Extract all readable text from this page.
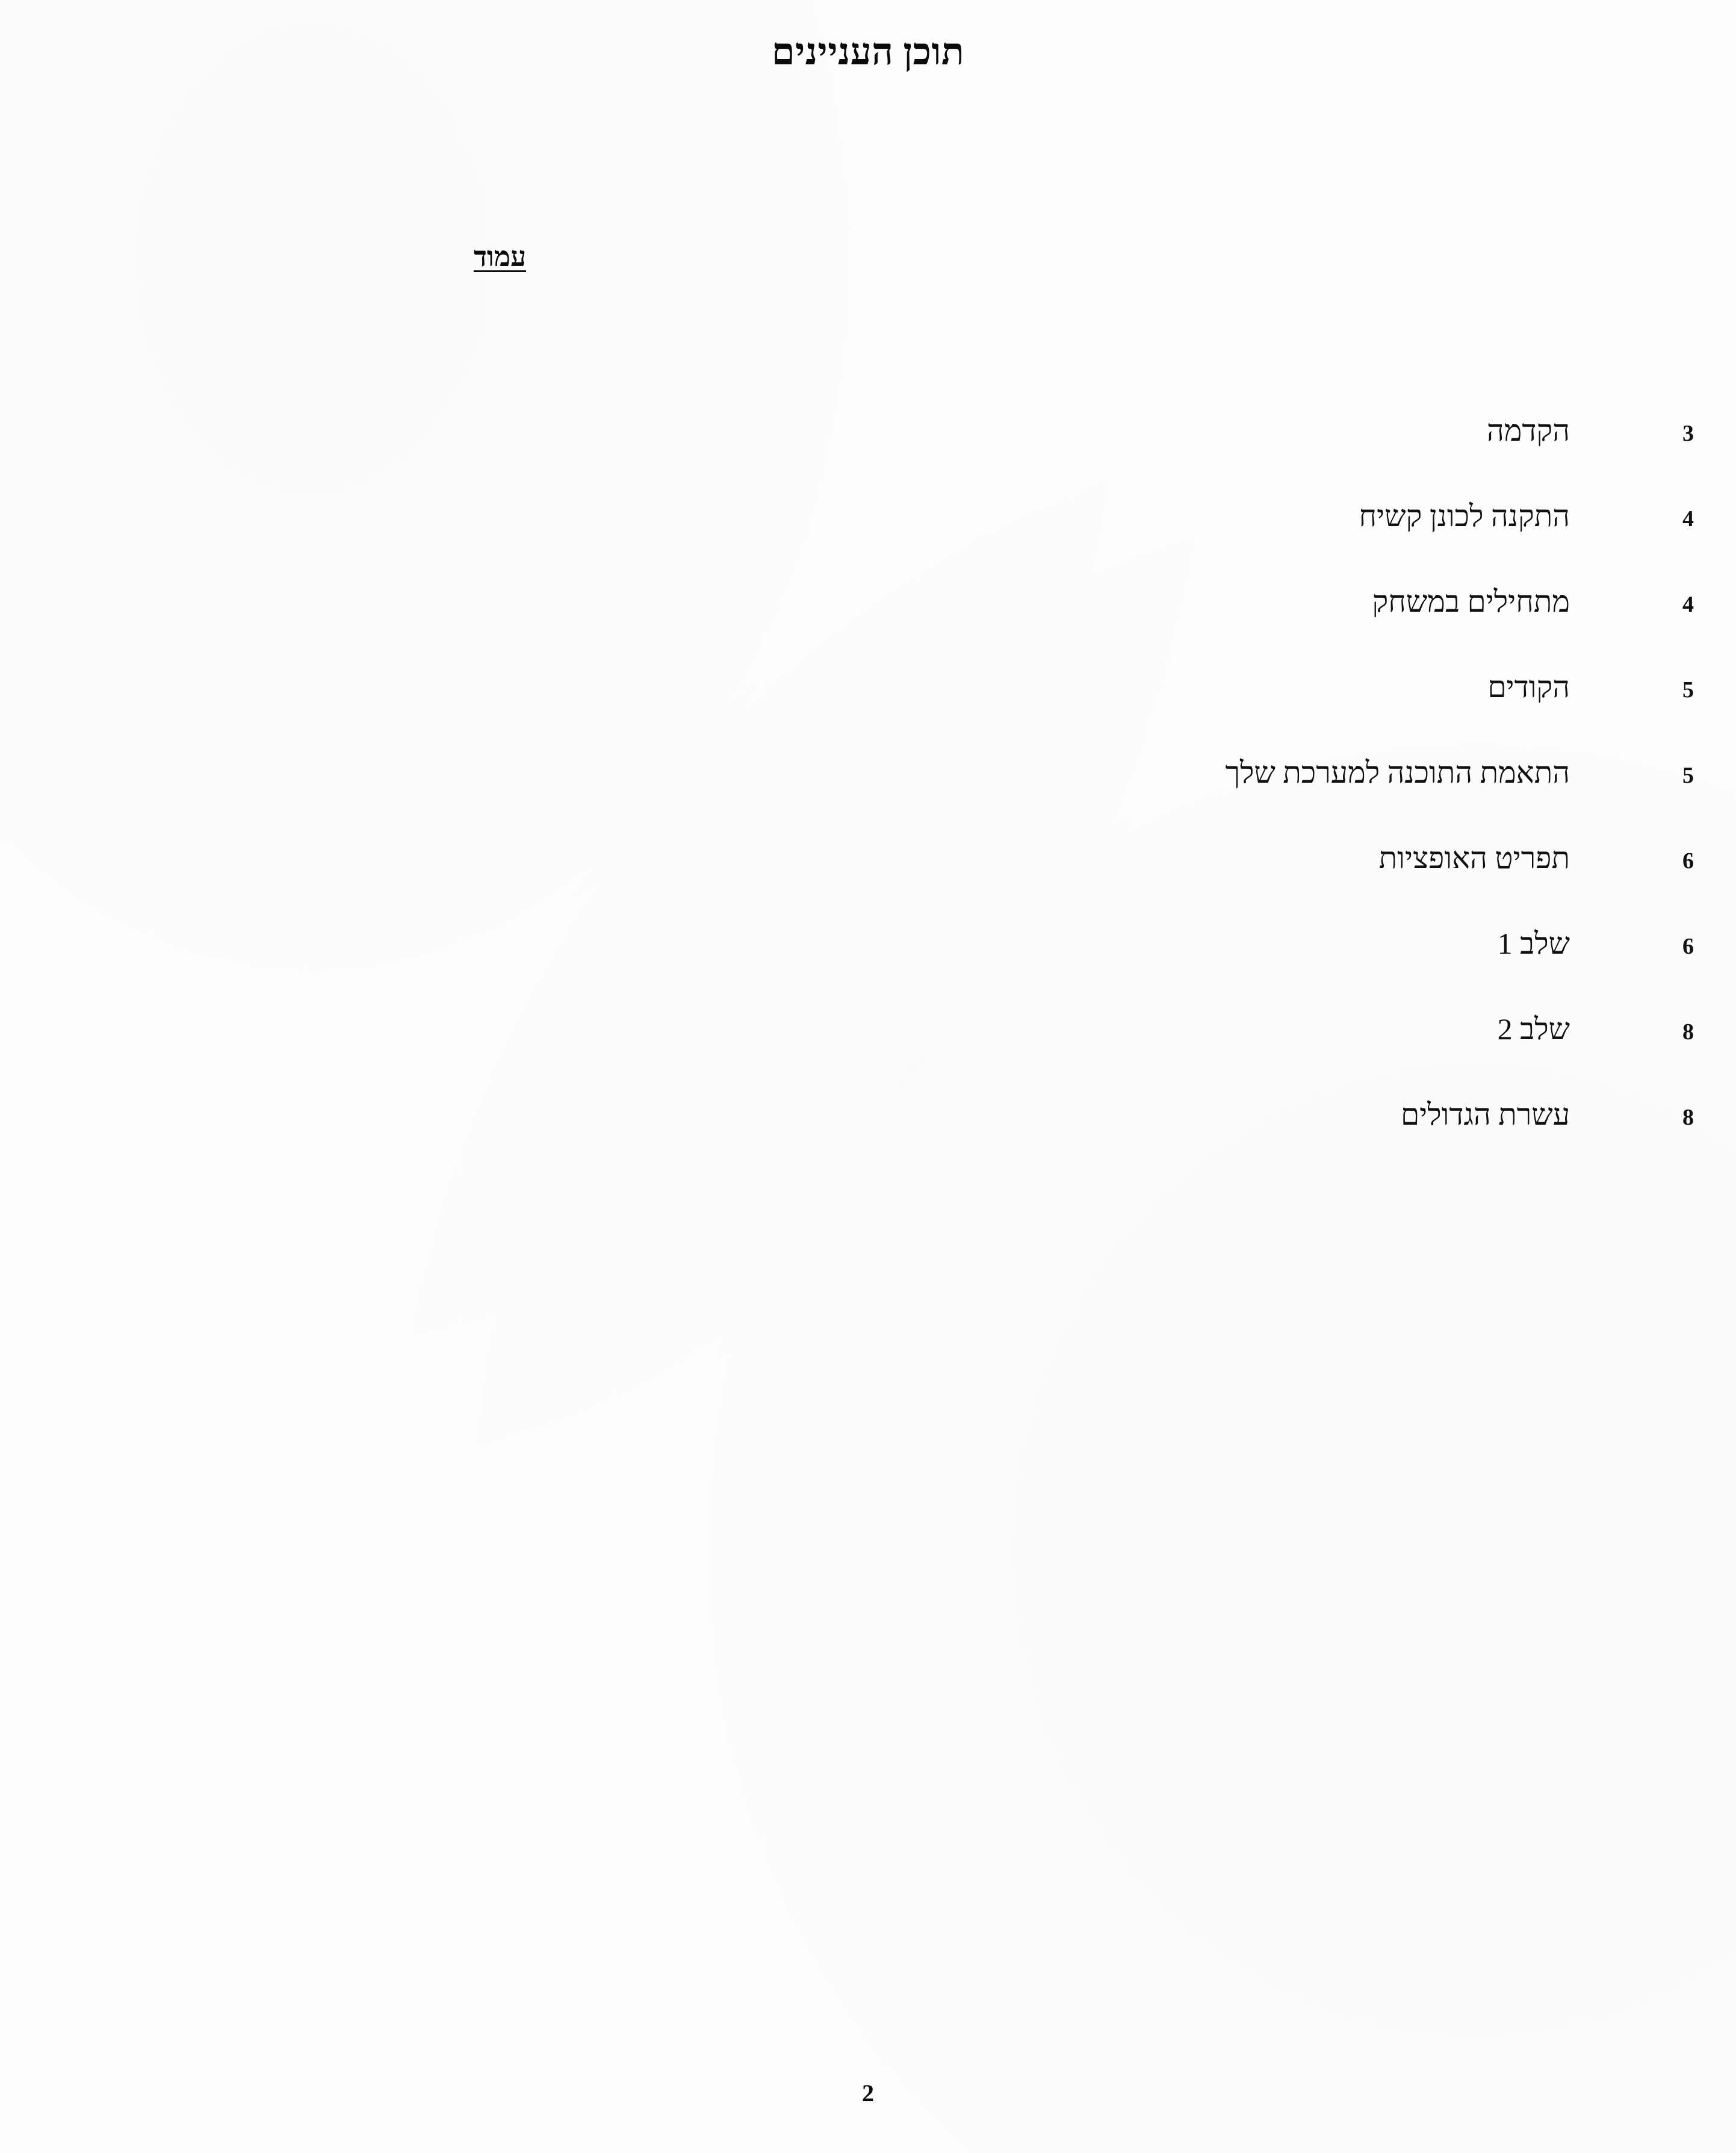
תוכן העניינים
עמוד
3
הקדמה
4
התקנה לכונן קשיח
4
מתחילים במשחק
5
הקודים
5
התאמת התוכנה למערכת שלך
6
תפריט האופציות
6
שלב 1
8
שלב 2
8
עשרת הגדולים
2
